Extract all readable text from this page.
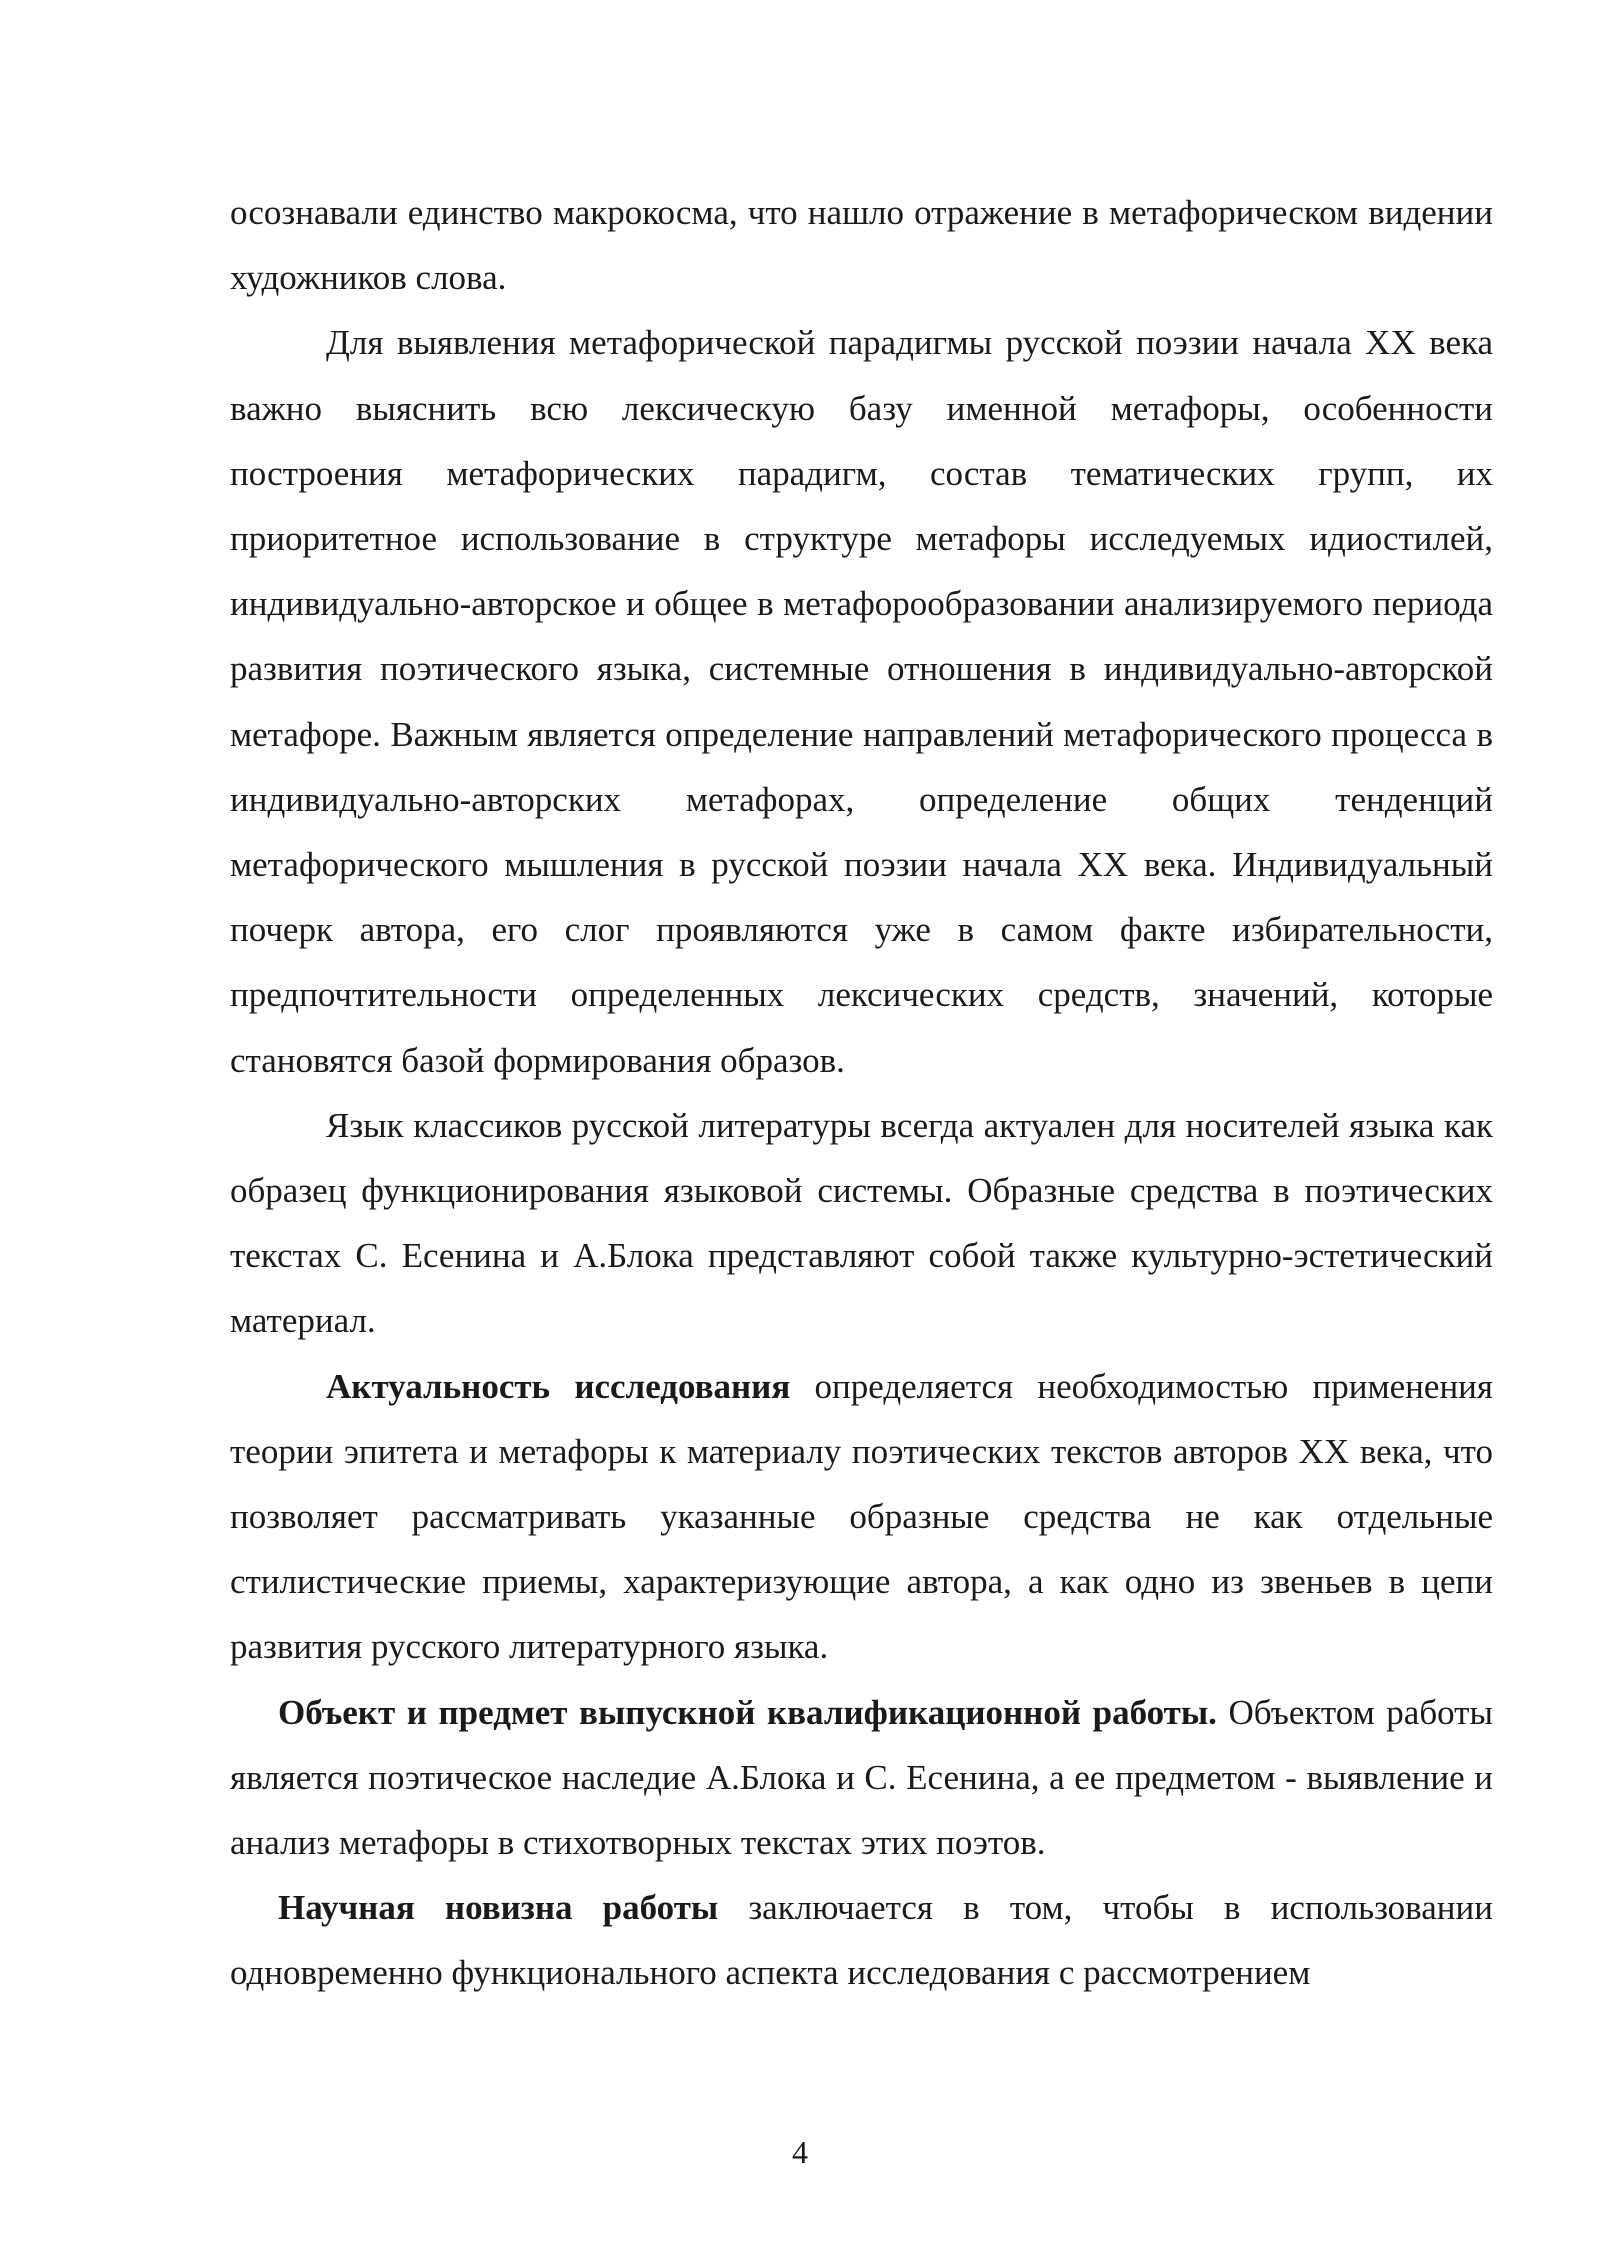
осознавали единство макрокосма, что нашло отражение в метафорическом видении художников слова.

Для выявления метафорической парадигмы русской поэзии начала XX века важно выяснить всю лексическую базу именной метафоры, особенности построения метафорических парадигм, состав тематических групп, их приоритетное использование в структуре метафоры исследуемых идиостилей, индивидуально-авторское и общее в метафорообразовании анализируемого периода развития поэтического языка, системные отношения в индивидуально-авторской метафоре. Важным является определение направлений метафорического процесса в индивидуально-авторских метафорах, определение общих тенденций метафорического мышления в русской поэзии начала XX века. Индивидуальный почерк автора, его слог проявляются уже в самом факте избирательности, предпочтительности определенных лексических средств, значений, которые становятся базой формирования образов.

Язык классиков русской литературы всегда актуален для носителей языка как образец функционирования языковой системы. Образные средства в поэтических текстах С. Есенина и А.Блока представляют собой также культурно-эстетический материал.

Актуальность исследования определяется необходимостью применения теории эпитета и метафоры к материалу поэтических текстов авторов XX века, что позволяет рассматривать указанные образные средства не как отдельные стилистические приемы, характеризующие автора, а как одно из звеньев в цепи развития русского литературного языка.

Объект и предмет выпускной квалификационной работы. Объектом работы является поэтическое наследие А.Блока и С. Есенина, а ее предметом - выявление и анализ метафоры в стихотворных текстах этих поэтов.

Научная новизна работы заключается в том, чтобы в использовании одновременно функционального аспекта исследования с рассмотрением

4
